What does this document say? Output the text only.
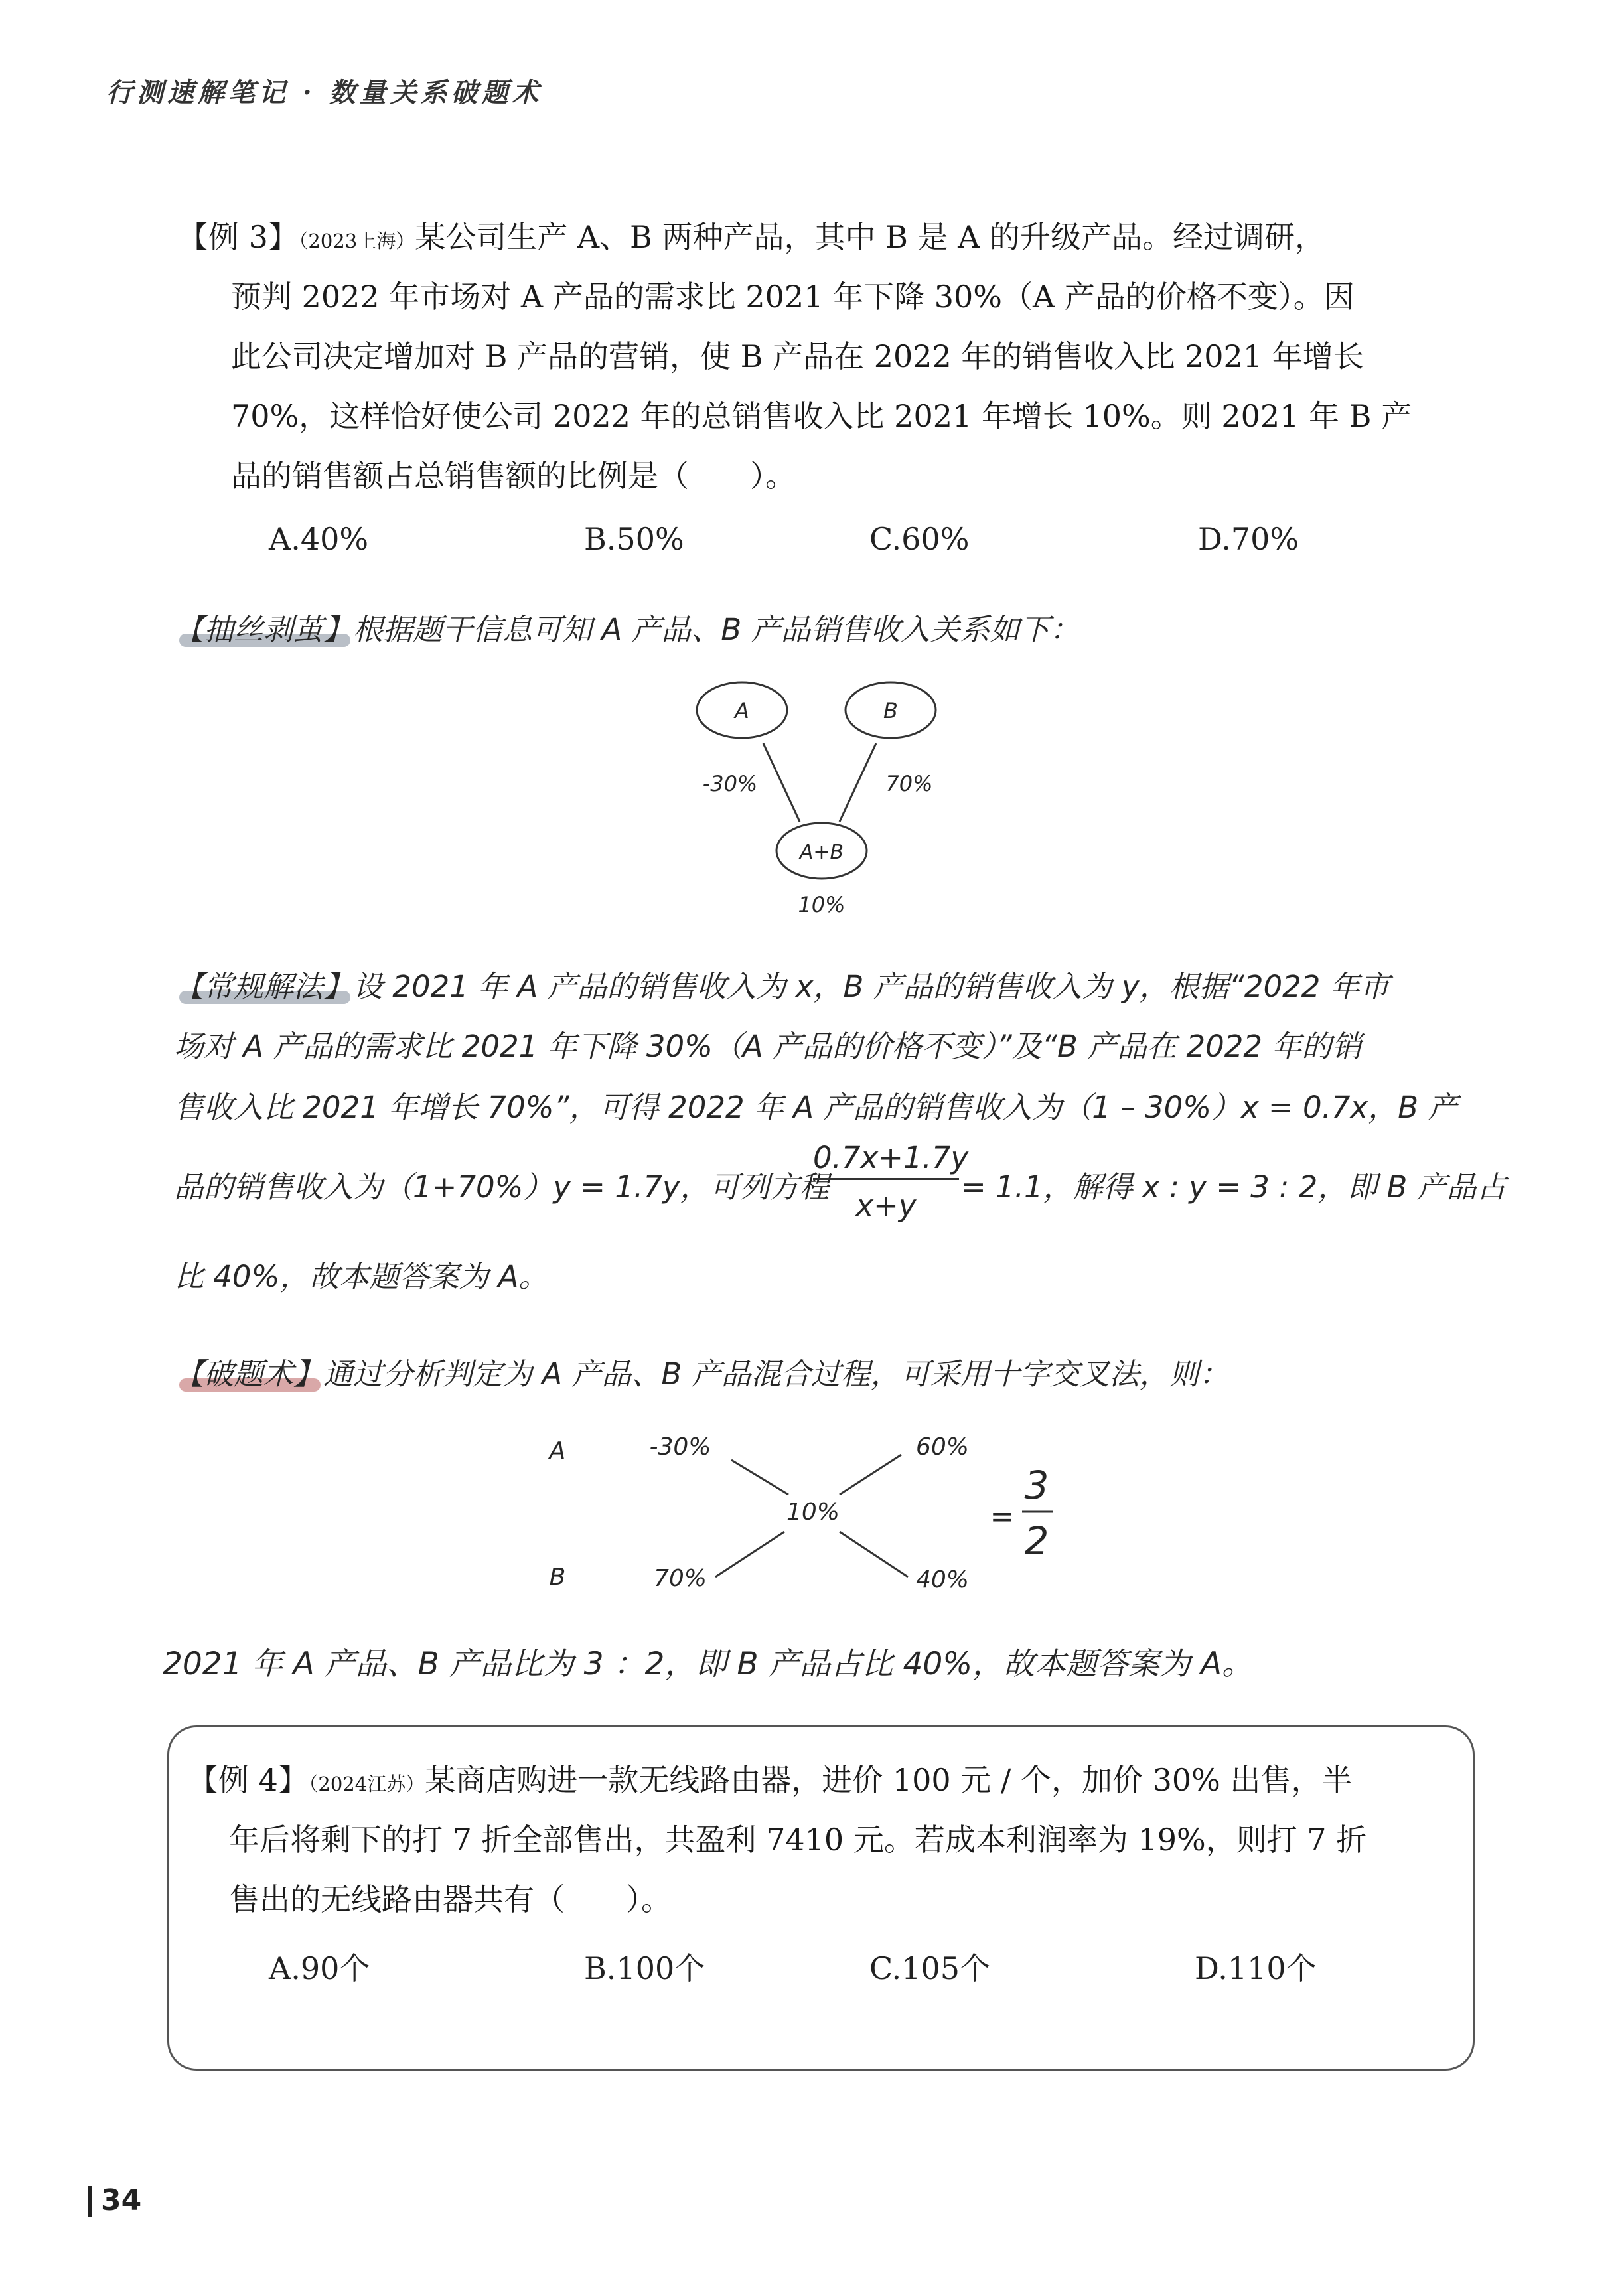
行测速解笔记 · 数量关系破题术
【例 3】（2023上海）某公司生产 A、B 两种产品，其中 B 是 A 的升级产品。经过调研，
预判 2022 年市场对 A 产品的需求比 2021 年下降 30%（A 产品的价格不变）。因
此公司决定增加对 B 产品的营销，使 B 产品在 2022 年的销售收入比 2021 年增长
70%，这样恰好使公司 2022 年的总销售收入比 2021 年增长 10%。则 2021 年 B 产
品的销售额占总销售额的比例是（　　）。
A.40%	B.50%	C.60%	D.70%
【抽丝剥茧】根据题干信息可知 A 产品、B 产品销售收入关系如下：
A	B
-30%	70%
A+B
10%
【常规解法】设 2021 年 A 产品的销售收入为 x，B 产品的销售收入为 y，根据“2022 年市
场对 A 产品的需求比 2021 年下降 30%（A 产品的价格不变）”及“B 产品在 2022 年的销
售收入比 2021 年增长 70%”，可得 2022 年 A 产品的销售收入为（1 – 30%）x = 0.7x，B 产
品的销售收入为（1+70%）y = 1.7y，可列方程
0.7x+1.7y
x+y
= 1.1，解得 x : y = 3 : 2，即 B 产品占
比 40%，故本题答案为 A。
【破题术】通过分析判定为 A 产品、B 产品混合过程，可采用十字交叉法，则：
A
B
-30%
70%
10%
60%
40%
=
3
2
2021 年 A 产品、B 产品比为 3 ：2，即 B 产品占比 40%，故本题答案为 A。
【例 4】（2024江苏）某商店购进一款无线路由器，进价 100 元 / 个，加价 30% 出售，半
年后将剩下的打 7 折全部售出，共盈利 7410 元。若成本利润率为 19%，则打 7 折
售出的无线路由器共有（　　）。
A.90个	B.100个	C.105个	D.110个
34
